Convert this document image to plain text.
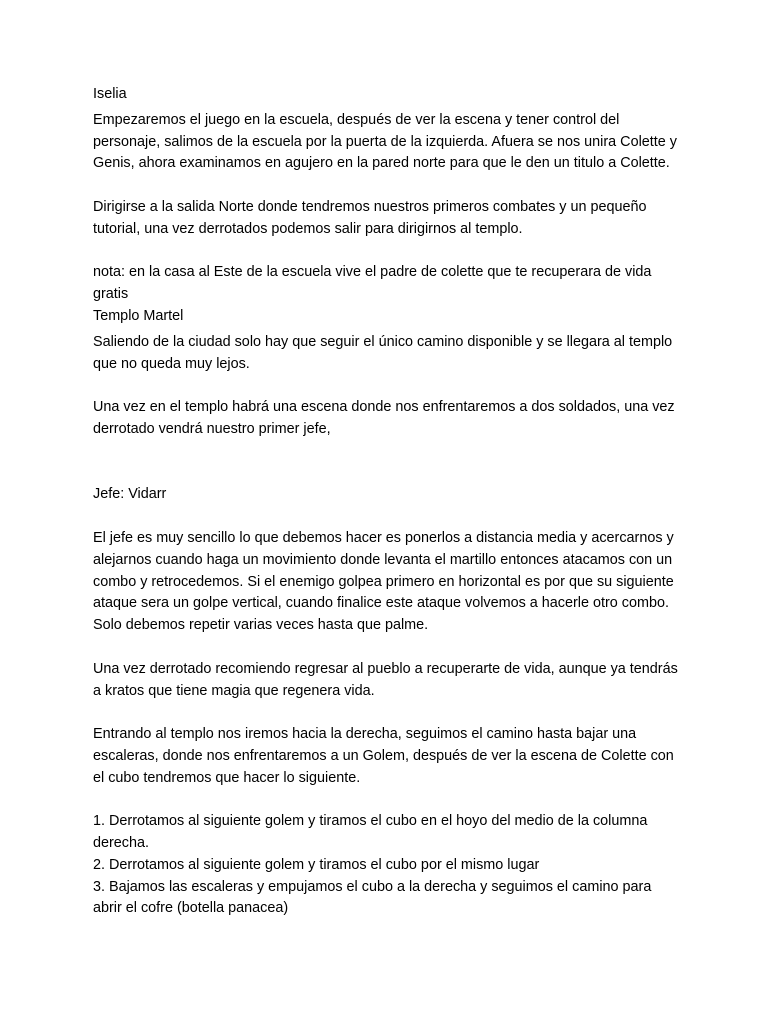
Iselia

Empezaremos el juego en la escuela, después de ver la escena y tener control del personaje, salimos de la escuela por la puerta de la izquierda. Afuera se nos unira Colette y Genis, ahora examinamos en agujero en la pared norte para que le den un titulo a Colette.

Dirigirse a la salida Norte donde tendremos nuestros primeros combates y un pequeño tutorial, una vez derrotados podemos salir para dirigirnos al templo.

nota: en la casa al Este de la escuela vive el padre de colette que te recuperara de vida gratis

Templo Martel

Saliendo de la ciudad solo hay que seguir el único camino disponible y se llegara al templo que no queda muy lejos.

Una vez en el templo habrá una escena donde nos enfrentaremos a dos soldados, una vez derrotado vendrá nuestro primer jefe,

Jefe: Vidarr

El jefe es muy sencillo lo que debemos hacer es ponerlos a distancia media y acercarnos y alejarnos cuando haga un movimiento donde levanta el martillo entonces atacamos con un combo y retrocedemos. Si el enemigo golpea primero en horizontal es por que su siguiente ataque sera un golpe vertical, cuando finalice este ataque volvemos a hacerle otro combo. Solo debemos repetir varias veces hasta que palme.

Una vez derrotado recomiendo regresar al pueblo a recuperarte de vida, aunque ya tendrás a kratos que tiene magia que regenera vida.

Entrando al templo nos iremos hacia la derecha, seguimos el camino hasta bajar una escaleras, donde nos enfrentaremos a un Golem, después de ver la escena de Colette con el cubo tendremos que hacer lo siguiente.

1. Derrotamos al siguiente golem y tiramos el cubo en el hoyo del medio de la columna derecha.

2. Derrotamos al siguiente golem y tiramos el cubo por el mismo lugar

3. Bajamos las escaleras y empujamos el cubo a la derecha y seguimos el camino para abrir el cofre (botella panacea)
